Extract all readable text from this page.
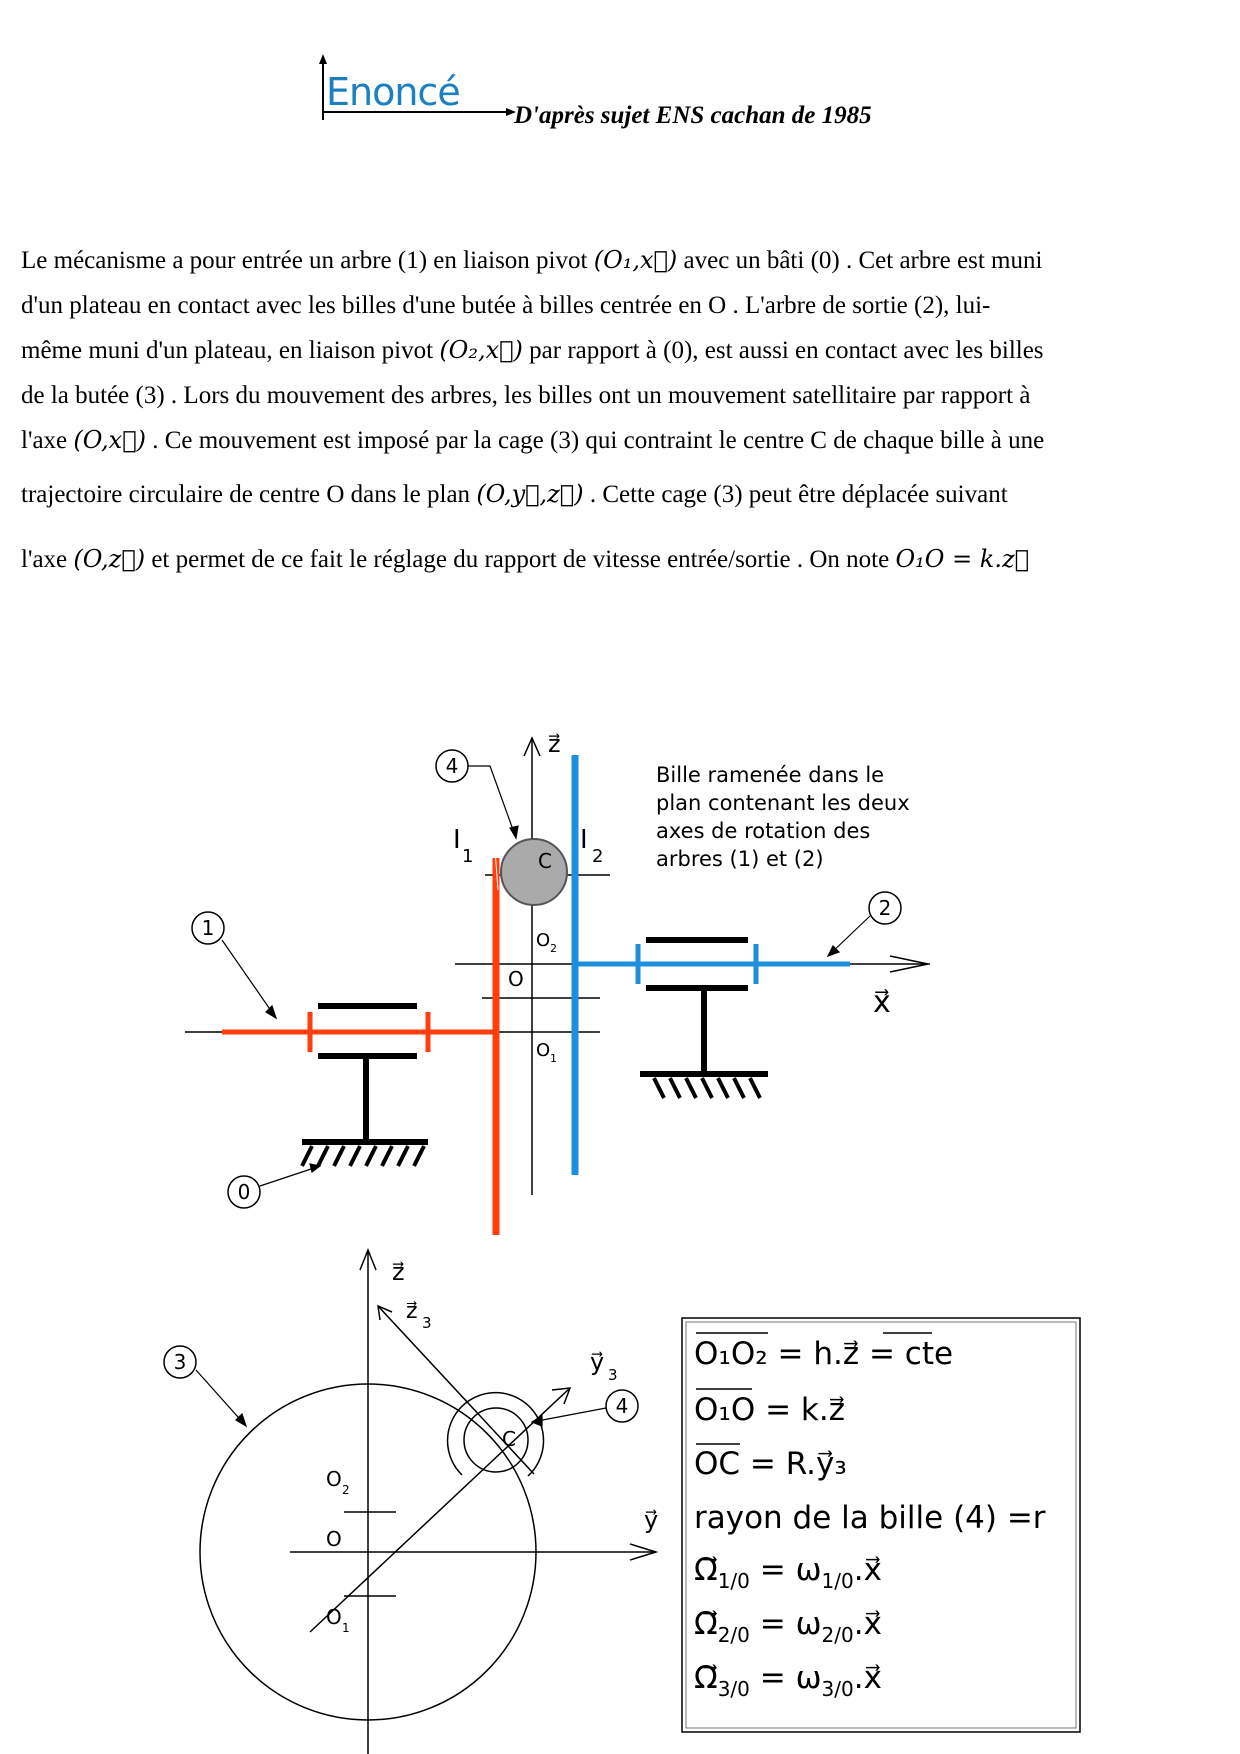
Enoncé
D'après sujet ENS cachan de 1985

Le mécanisme a pour entrée un arbre (1) en liaison pivot (O₁,x⃗) avec un bâti (0) . Cet arbre est muni

d'un plateau en contact avec les billes d'une butée à billes centrée en O . L'arbre de sortie (2), lui-

même muni d'un plateau, en liaison pivot (O₂,x⃗) par rapport à (0), est aussi en contact avec les billes

de la butée (3) . Lors du mouvement des arbres, les billes ont un mouvement satellitaire par rapport à

l'axe (O,x⃗) . Ce mouvement est imposé par la cage (3) qui contraint le centre C de chaque bille à une

trajectoire circulaire de centre O dans le plan (O,y⃗,z⃗) . Cette cage (3) peut être déplacée suivant

l'axe (O,z⃗) et permet de ce fait le réglage du rapport de vitesse entrée/sortie . On note O₁O = k.z⃗

C
z⃗
x⃗
I
1
I
2
O 2
O
O 1
Bille ramenée dans le
plan contenant les deux
axes de rotation des
arbres (1) et (2)
1
2
4
0
z⃗
z⃗ 3
y⃗ 3
y⃗
C
O 2
O
O 1
3
4
O₁O₂ = h.z⃗ = cte
O₁O = k.z⃗
OC = R.y⃗₃
rayon de la bille (4) =r
$\Omega⃗_{1/0}$ = $\omega_{1/0}.x⃗$
$\Omega⃗_{2/0}$ = $\omega_{2/0}.x⃗$
$\Omega⃗_{3/0}$ = $\omega_{3/0}.x⃗$
